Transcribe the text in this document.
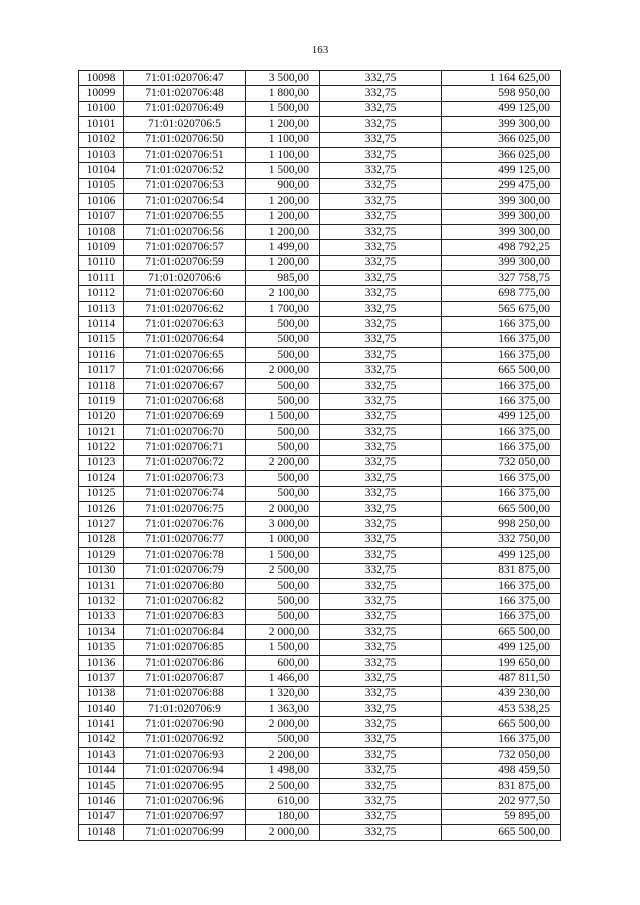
163
10098	71:01:020706:47	3 500,00	332,75	1 164 625,00
10099	71:01:020706:48	1 800,00	332,75	598 950,00
10100	71:01:020706:49	1 500,00	332,75	499 125,00
10101	71:01:020706:5	1 200,00	332,75	399 300,00
10102	71:01:020706:50	1 100,00	332,75	366 025,00
10103	71:01:020706:51	1 100,00	332,75	366 025,00
10104	71:01:020706:52	1 500,00	332,75	499 125,00
10105	71:01:020706:53	900,00	332,75	299 475,00
10106	71:01:020706:54	1 200,00	332,75	399 300,00
10107	71:01:020706:55	1 200,00	332,75	399 300,00
10108	71:01:020706:56	1 200,00	332,75	399 300,00
10109	71:01:020706:57	1 499,00	332,75	498 792,25
10110	71:01:020706:59	1 200,00	332,75	399 300,00
10111	71:01:020706:6	985,00	332,75	327 758,75
10112	71:01:020706:60	2 100,00	332,75	698 775,00
10113	71:01:020706:62	1 700,00	332,75	565 675,00
10114	71:01:020706:63	500,00	332,75	166 375,00
10115	71:01:020706:64	500,00	332,75	166 375,00
10116	71:01:020706:65	500,00	332,75	166 375,00
10117	71:01:020706:66	2 000,00	332,75	665 500,00
10118	71:01:020706:67	500,00	332,75	166 375,00
10119	71:01:020706:68	500,00	332,75	166 375,00
10120	71:01:020706:69	1 500,00	332,75	499 125,00
10121	71:01:020706:70	500,00	332,75	166 375,00
10122	71:01:020706:71	500,00	332,75	166 375,00
10123	71:01:020706:72	2 200,00	332,75	732 050,00
10124	71:01:020706:73	500,00	332,75	166 375,00
10125	71:01:020706:74	500,00	332,75	166 375,00
10126	71:01:020706:75	2 000,00	332,75	665 500,00
10127	71:01:020706:76	3 000,00	332,75	998 250,00
10128	71:01:020706:77	1 000,00	332,75	332 750,00
10129	71:01:020706:78	1 500,00	332,75	499 125,00
10130	71:01:020706:79	2 500,00	332,75	831 875,00
10131	71:01:020706:80	500,00	332,75	166 375,00
10132	71:01:020706:82	500,00	332,75	166 375,00
10133	71:01:020706:83	500,00	332,75	166 375,00
10134	71:01:020706:84	2 000,00	332,75	665 500,00
10135	71:01:020706:85	1 500,00	332,75	499 125,00
10136	71:01:020706:86	600,00	332,75	199 650,00
10137	71:01:020706:87	1 466,00	332,75	487 811,50
10138	71:01:020706:88	1 320,00	332,75	439 230,00
10140	71:01:020706:9	1 363,00	332,75	453 538,25
10141	71:01:020706:90	2 000,00	332,75	665 500,00
10142	71:01:020706:92	500,00	332,75	166 375,00
10143	71:01:020706:93	2 200,00	332,75	732 050,00
10144	71:01:020706:94	1 498,00	332,75	498 459,50
10145	71:01:020706:95	2 500,00	332,75	831 875,00
10146	71:01:020706:96	610,00	332,75	202 977,50
10147	71:01:020706:97	180,00	332,75	59 895,00
10148	71:01:020706:99	2 000,00	332,75	665 500,00
